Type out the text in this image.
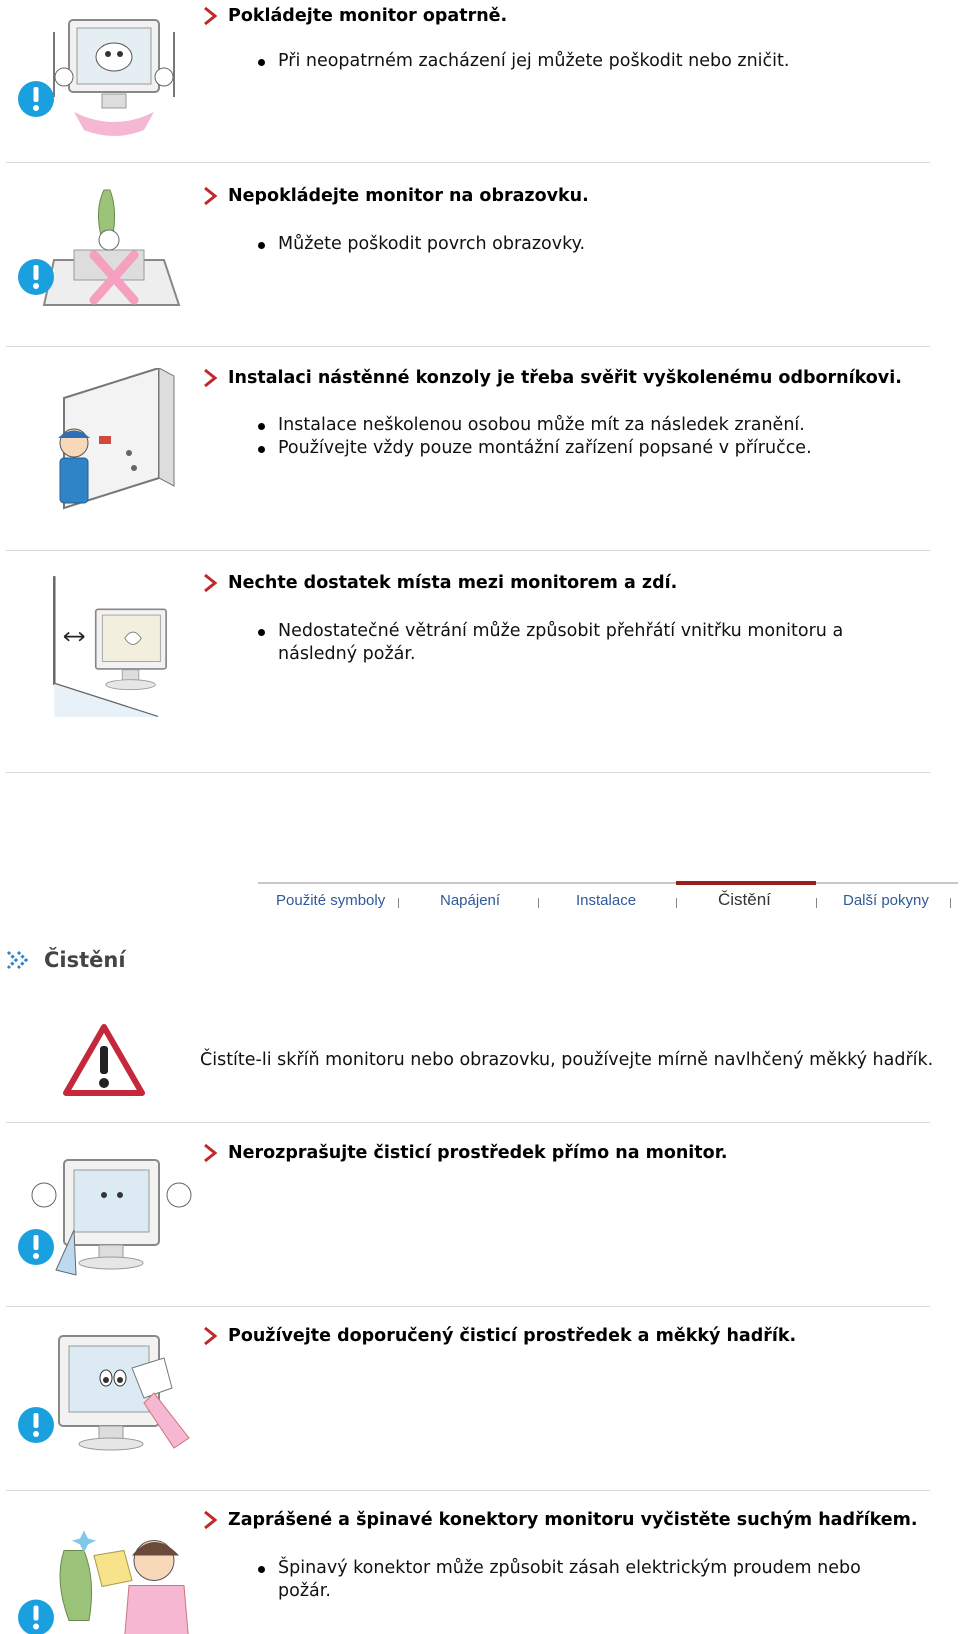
Pokládejte monitor opatrně.
Při neopatrném zacházení jej můžete poškodit nebo zničit.
Nepokládejte monitor na obrazovku.
Můžete poškodit povrch obrazovky.
Instalaci nástěnné konzoly je třeba svěřit vyškolenému odborníkovi.
Instalace neškolenou osobou může mít za následek zranění.
Používejte vždy pouze montážní zařízení popsané v příručce.
Nechte dostatek místa mezi monitorem a zdí.
Nedostatečné větrání může způsobit přehřátí vnitřku monitoru a následný požár.
Použité symboly	Napájení	Instalace	Čistění	Další pokyny
Čistění
Čistíte-li skříň monitoru nebo obrazovku, používejte mírně navlhčený měkký hadřík.
Nerozprašujte čisticí prostředek přímo na monitor.
Používejte doporučený čisticí prostředek a měkký hadřík.
Zaprášené a špinavé konektory monitoru vyčistěte suchým hadříkem.
Špinavý konektor může způsobit zásah elektrickým proudem nebo požár.
